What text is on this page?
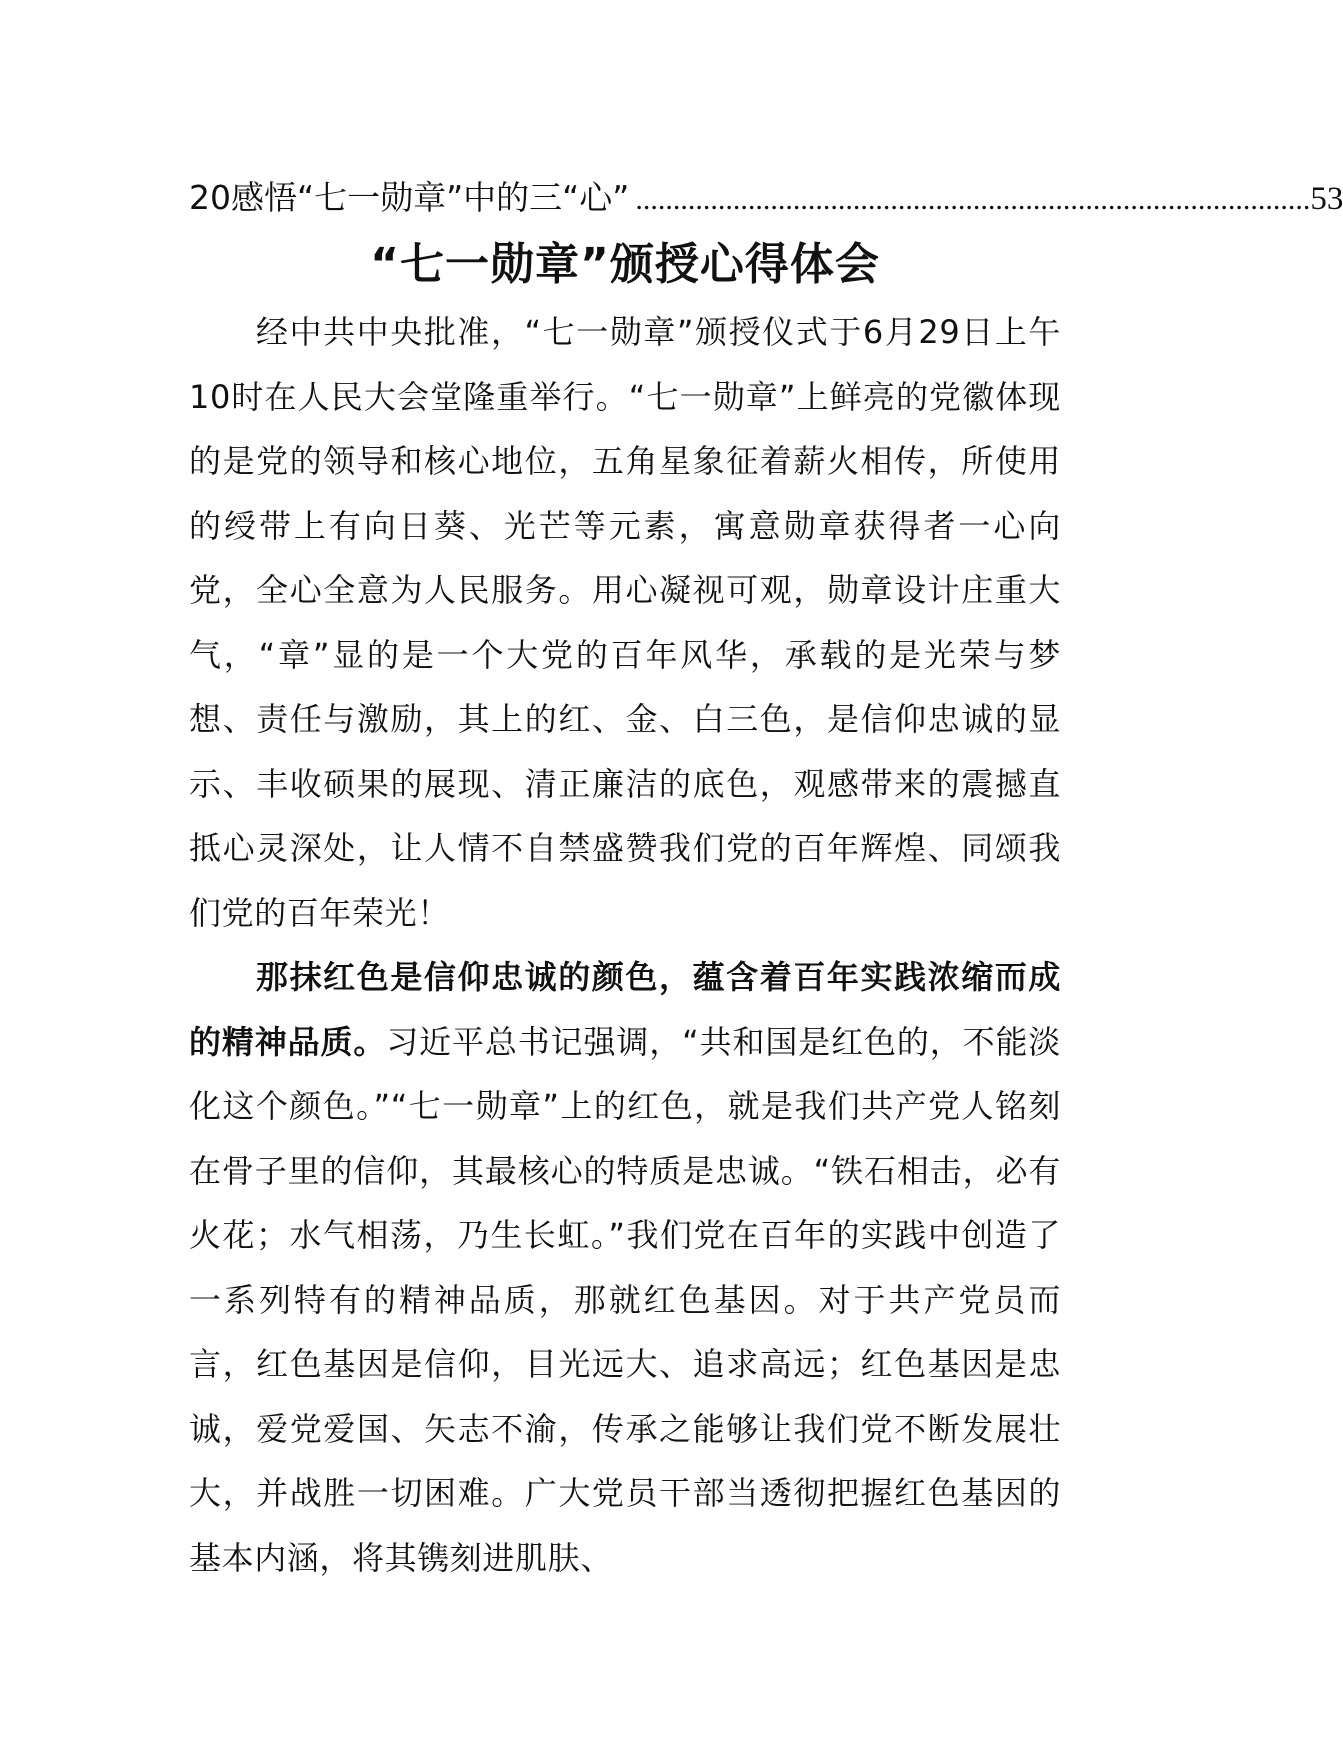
20感悟“七一勋章”中的三“心” .......................................................................................... 53
“七一勋章”颁授心得体会

经中共中央批准，“七一勋章”颁授仪式于6月29日上午10时在人民大会堂隆重举行。“七一勋章”上鲜亮的党徽体现的是党的领导和核心地位，五角星象征着薪火相传，所使用的绶带上有向日葵、光芒等元素，寓意勋章获得者一心向党，全心全意为人民服务。用心凝视可观，勋章设计庄重大气，“章”显的是一个大党的百年风华，承载的是光荣与梦想、责任与激励，其上的红、金、白三色，是信仰忠诚的显示、丰收硕果的展现、清正廉洁的底色，观感带来的震撼直抵心灵深处，让人情不自禁盛赞我们党的百年辉煌、同颂我们党的百年荣光！

那抹红色是信仰忠诚的颜色，蕴含着百年实践浓缩而成的精神品质。习近平总书记强调，“共和国是红色的，不能淡化这个颜色。”“七一勋章”上的红色，就是我们共产党人铭刻在骨子里的信仰，其最核心的特质是忠诚。“铁石相击，必有火花；水气相荡，乃生长虹。”我们党在百年的实践中创造了一系列特有的精神品质，那就红色基因。对于共产党员而言，红色基因是信仰，目光远大、追求高远；红色基因是忠诚，爱党爱国、矢志不渝，传承之能够让我们党不断发展壮大，并战胜一切困难。广大党员干部当透彻把握红色基因的基本内涵，将其镌刻进肌肤、
